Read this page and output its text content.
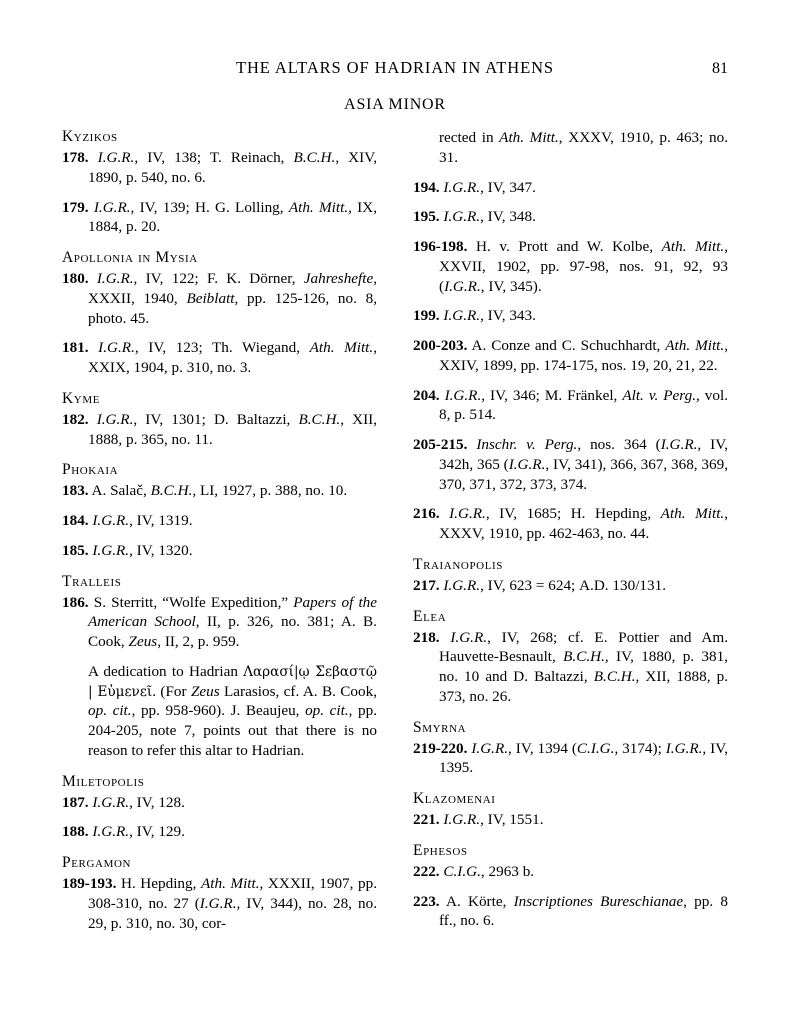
THE ALTARS OF HADRIAN IN ATHENS	81
ASIA MINOR
Kyzikos

178. I.G.R., IV, 138; T. Reinach, B.C.H., XIV, 1890, p. 540, no. 6.

179. I.G.R., IV, 139; H. G. Lolling, Ath. Mitt., IX, 1884, p. 20.

Apollonia in Mysia

180. I.G.R., IV, 122; F. K. Dörner, Jahreshefte, XXXII, 1940, Beiblatt, pp. 125-126, no. 8, photo. 45.

181. I.G.R., IV, 123; Th. Wiegand, Ath. Mitt., XXIX, 1904, p. 310, no. 3.

Kyme

182. I.G.R., IV, 1301; D. Baltazzi, B.C.H., XII, 1888, p. 365, no. 11.

Phokaia

183. A. Salač, B.C.H., LI, 1927, p. 388, no. 10.

184. I.G.R., IV, 1319.

185. I.G.R., IV, 1320.

Tralleis

186. S. Sterritt, “Wolfe Expedition,” Papers of the American School, II, p. 326, no. 381; A. B. Cook, Zeus, II, 2, p. 959.

A dedication to Hadrian Λαρασί|ῳ Σεβαστῷ | Εὐμενεῖ. (For Zeus Larasios, cf. A. B. Cook, op. cit., pp. 958-960). J. Beaujeu, op. cit., pp. 204-205, note 7, points out that there is no reason to refer this altar to Hadrian.

Miletopolis

187. I.G.R., IV, 128.

188. I.G.R., IV, 129.

Pergamon

189-193. H. Hepding, Ath. Mitt., XXXII, 1907, pp. 308-310, no. 27 (I.G.R., IV, 344), no. 28, no. 29, p. 310, no. 30, cor-

rected in Ath. Mitt., XXXV, 1910, p. 463; no. 31.

194. I.G.R., IV, 347.

195. I.G.R., IV, 348.

196-198. H. v. Prott and W. Kolbe, Ath. Mitt., XXVII, 1902, pp. 97-98, nos. 91, 92, 93 (I.G.R., IV, 345).

199. I.G.R., IV, 343.

200-203. A. Conze and C. Schuchhardt, Ath. Mitt., XXIV, 1899, pp. 174-175, nos. 19, 20, 21, 22.

204. I.G.R., IV, 346; M. Fränkel, Alt. v. Perg., vol. 8, p. 514.

205-215. Inschr. v. Perg., nos. 364 (I.G.R., IV, 342h, 365 (I.G.R., IV, 341), 366, 367, 368, 369, 370, 371, 372, 373, 374.

216. I.G.R., IV, 1685; H. Hepding, Ath. Mitt., XXXV, 1910, pp. 462-463, no. 44.

Traianopolis

217. I.G.R., IV, 623 = 624; A.D. 130/131.

Elea

218. I.G.R., IV, 268; cf. E. Pottier and Am. Hauvette-Besnault, B.C.H., IV, 1880, p. 381, no. 10 and D. Baltazzi, B.C.H., XII, 1888, p. 373, no. 26.

Smyrna

219-220. I.G.R., IV, 1394 (C.I.G., 3174); I.G.R., IV, 1395.

Klazomenai

221. I.G.R., IV, 1551.

Ephesos

222. C.I.G., 2963 b.

223. A. Körte, Inscriptiones Bureschianae, pp. 8 ff., no. 6.
